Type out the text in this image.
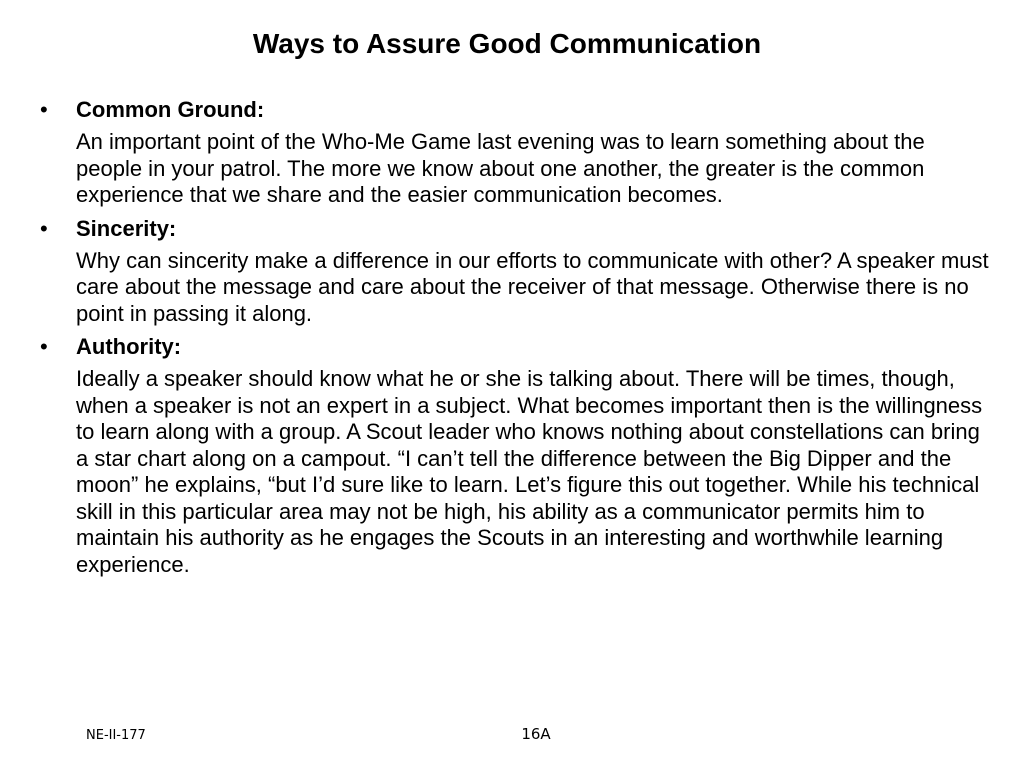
Ways to Assure Good Communication
• Common Ground:
An important point of the Who-Me Game last evening was to learn something about the people in your patrol. The more we know about one another, the greater is the common experience that we share and the easier communication becomes.
• Sincerity:
Why can sincerity make a difference in our efforts to communicate with other? A speaker must care about the message and care about the receiver of that message. Otherwise there is no point in passing it along.
• Authority:
Ideally a speaker should know what he or she is talking about. There will be times, though, when a speaker is not an expert in a subject. What becomes important then is the willingness to learn along with a group. A Scout leader who knows nothing about constellations can bring a star chart along on a campout. “I can’t tell the difference between the Big Dipper and the moon” he explains, “but I’d sure like to learn. Let’s figure this out together. While his technical skill in this particular area may not be high, his ability as a communicator permits him to maintain his authority as he engages the Scouts in an interesting and worthwhile learning experience.
NE-II-177	16A
